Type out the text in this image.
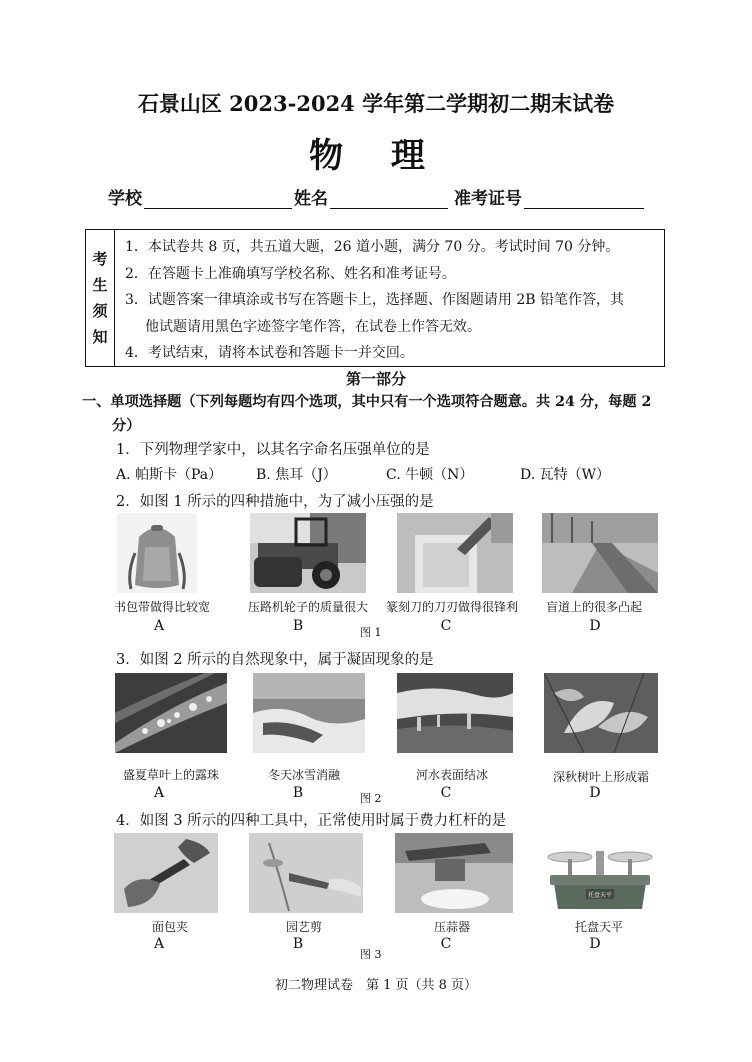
石景山区 2023-2024 学年第二学期初二期末试卷
物 理
学校	姓名	准考证号
考
生
须
知
1．本试卷共 8 页，共五道大题，26 道小题，满分 70 分。考试时间 70 分钟。
2．在答题卡上准确填写学校名称、姓名和准考证号。
3．试题答案一律填涂或书写在答题卡上，选择题、作图题请用 2B 铅笔作答，其
他试题请用黑色字迹签字笔作答，在试卷上作答无效。
4．考试结束，请将本试卷和答题卡一并交回。
第一部分
一、单项选择题（下列每题均有四个选项，其中只有一个选项符合题意。共 24 分，每题 2
分）
1．下列物理学家中，以其名字命名压强单位的是
A. 帕斯卡（Pa）	B. 焦耳（J）	C. 牛顿（N）	D. 瓦特（W）
2．如图 1 所示的四种措施中，为了减小压强的是
书包带做得比较宽	压路机轮子的质量很大	篆刻刀的刀刃做得很锋利	盲道上的很多凸起
A	B	C	D
图 1
3．如图 2 所示的自然现象中，属于凝固现象的是
盛夏草叶上的露珠	冬天冰雪消融	河水表面结冰	深秋树叶上形成霜
A	B	C	D
图 2
4．如图 3 所示的四种工具中，正常使用时属于费力杠杆的是
托盘天平
面包夹	园艺剪	压蒜器	托盘天平
A	B	C	D
图 3
初二物理试卷　第 1 页（共 8 页）
